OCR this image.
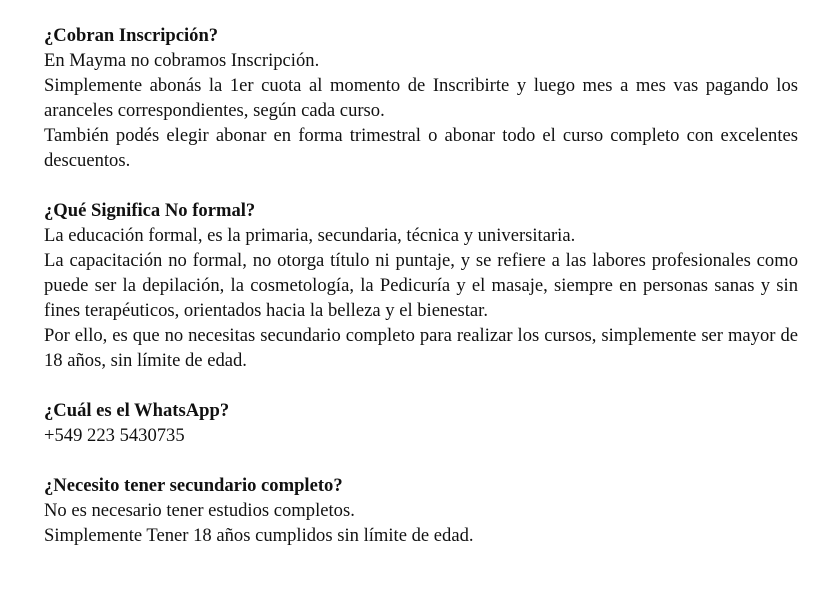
¿Cobran Inscripción?

En Mayma no cobramos Inscripción.

Simplemente abonás la 1er cuota al momento de Inscribirte y luego mes a mes vas pagando los aranceles correspondientes, según cada curso.

También podés elegir abonar en forma trimestral o abonar todo el curso completo con excelentes descuentos.

¿Qué Significa No formal?

La educación formal, es la primaria, secundaria, técnica y universitaria.

La capacitación no formal, no otorga título ni puntaje, y se refiere a las labores profesionales como puede ser la depilación, la cosmetología, la Pedicuría y el masaje, siempre en personas sanas y sin fines terapéuticos, orientados hacia la belleza y el bienestar.

Por ello, es que no necesitas secundario completo para realizar los cursos, simplemente ser mayor de 18 años, sin límite de edad.

¿Cuál es el WhatsApp?

+549 223 5430735

¿Necesito tener secundario completo?

No es necesario tener estudios completos.

Simplemente Tener 18 años cumplidos sin límite de edad.
